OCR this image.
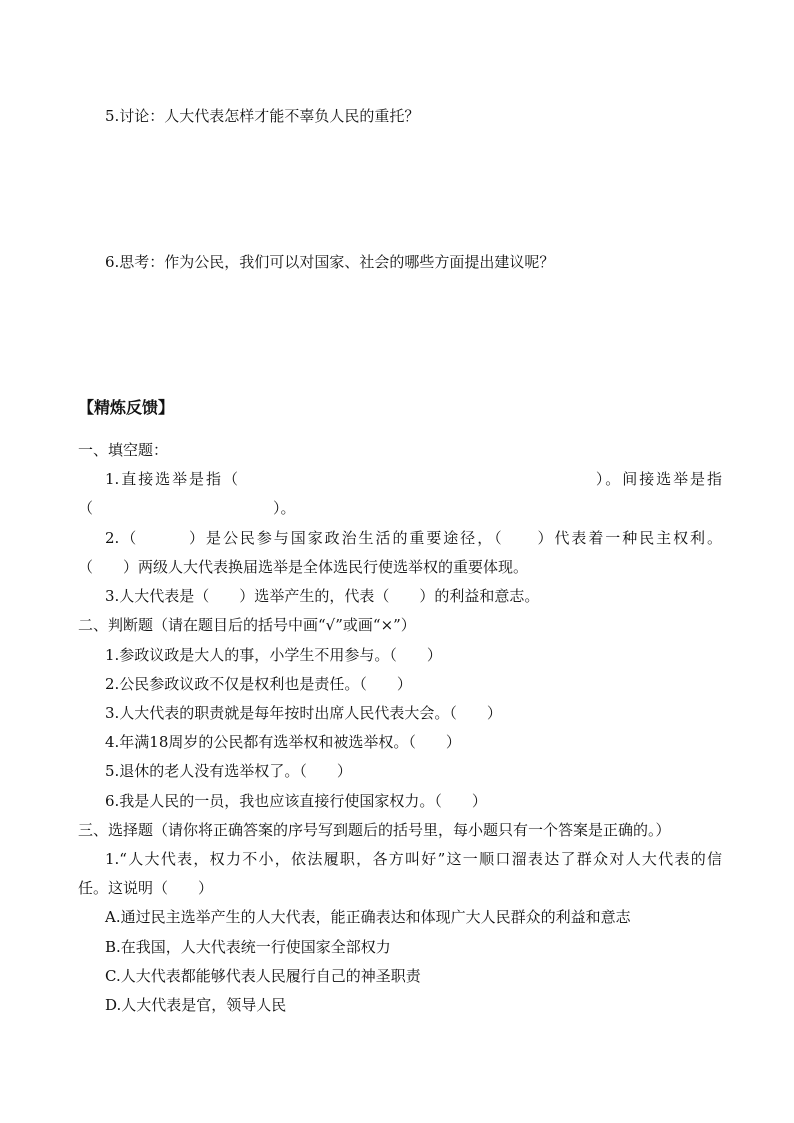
5.讨论：人大代表怎样才能不辜负人民的重托？
6.思考：作为公民，我们可以对国家、社会的哪些方面提出建议呢？
【精炼反馈】
一、填空题：
1.直接选举是指（　　　　　　　　　　　　　　　　　　　　　）。间接选举是指
（　　　　　　　　　　　　）。
2.（　　　）是公民参与国家政治生活的重要途径，（　　）代表着一种民主权利。
（　　）两级人大代表换届选举是全体选民行使选举权的重要体现。
3.人大代表是（　　）选举产生的，代表（　　）的利益和意志。
二、判断题（请在题目后的括号中画“√”或画“×”）
1.参政议政是大人的事，小学生不用参与。（　　）
2.公民参政议政不仅是权利也是责任。（　　）
3.人大代表的职责就是每年按时出席人民代表大会。（　　）
4.年满18周岁的公民都有选举权和被选举权。（　　）
5.退休的老人没有选举权了。（　　）
6.我是人民的一员，我也应该直接行使国家权力。（　　）
三、选择题（请你将正确答案的序号写到题后的括号里，每小题只有一个答案是正确的。）
1.“人大代表，权力不小，依法履职，各方叫好”这一顺口溜表达了群众对人大代表的信
任。这说明（　　）
A.通过民主选举产生的人大代表，能正确表达和体现广大人民群众的利益和意志
B.在我国，人大代表统一行使国家全部权力
C.人大代表都能够代表人民履行自己的神圣职责
D.人大代表是官，领导人民
